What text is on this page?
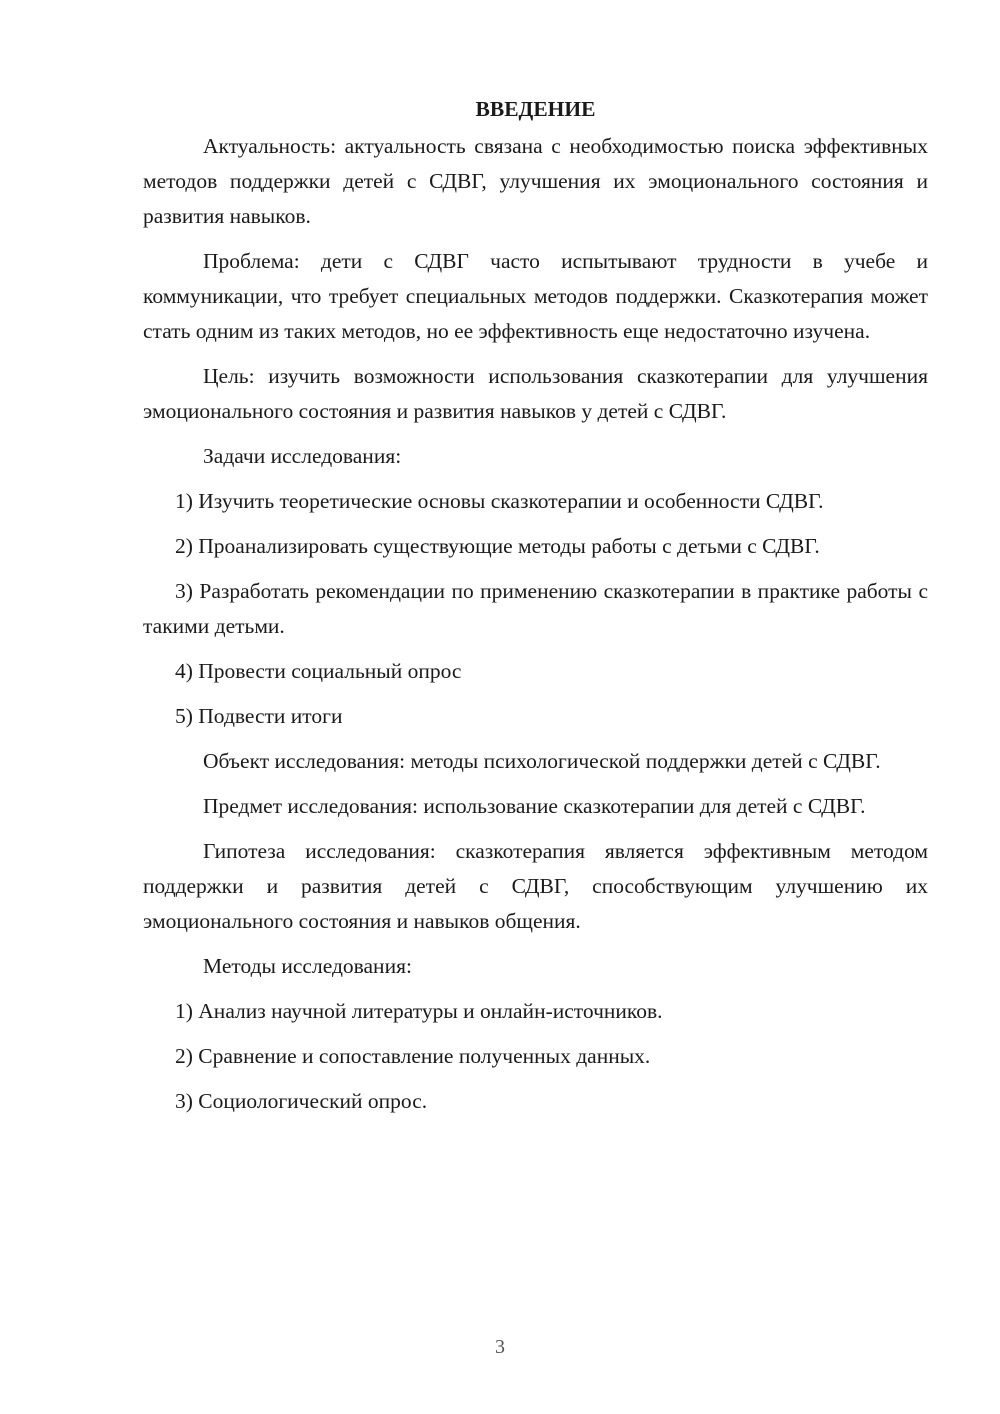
ВВЕДЕНИЕ

Актуальность: актуальность связана с необходимостью поиска эффективных методов поддержки детей с СДВГ, улучшения их эмоционального состояния и развития навыков.

Проблема: дети с СДВГ часто испытывают трудности в учебе и коммуникации, что требует специальных методов поддержки. Сказкотерапия может стать одним из таких методов, но ее эффективность еще недостаточно изучена.

Цель: изучить возможности использования сказкотерапии для улучшения эмоционального состояния и развития навыков у детей с СДВГ.

Задачи исследования:

1) Изучить теоретические основы сказкотерапии и особенности СДВГ.

2) Проанализировать существующие методы работы с детьми с СДВГ.

3) Разработать рекомендации по применению сказкотерапии в практике работы с такими детьми.

4) Провести социальный опрос

5) Подвести итоги

Объект исследования: методы психологической поддержки детей с СДВГ.

Предмет исследования: использование сказкотерапии для детей с СДВГ.

Гипотеза исследования: сказкотерапия является эффективным методом поддержки и развития детей с СДВГ, способствующим улучшению их эмоционального состояния и навыков общения.

Методы исследования:

1) Анализ научной литературы и онлайн-источников.

2) Сравнение и сопоставление полученных данных.

3) Социологический опрос.

3
